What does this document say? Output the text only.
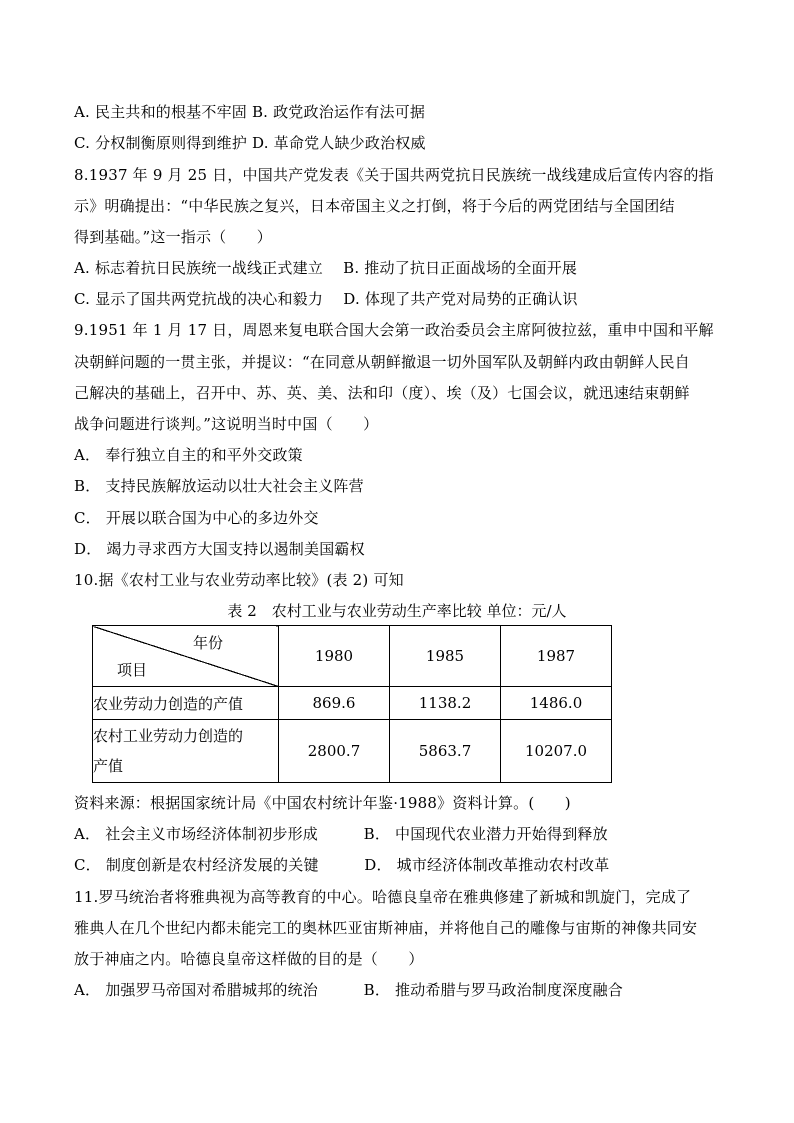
A. 民主共和的根基不牢固 B. 政党政治运作有法可据
C. 分权制衡原则得到维护 D. 革命党人缺少政治权威
8.1937 年 9 月 25 日，中国共产党发表《关于国共两党抗日民族统一战线建成后宣传内容的指
示》明确提出：“中华民族之复兴，日本帝国主义之打倒，将于今后的两党团结与全国团结
得到基础。”这一指示（　　）
A. 标志着抗日民族统一战线正式建立　 B. 推动了抗日正面战场的全面开展
C. 显示了国共两党抗战的决心和毅力　 D. 体现了共产党对局势的正确认识
9.1951 年 1 月 17 日，周恩来复电联合国大会第一政治委员会主席阿彼拉兹，重申中国和平解
决朝鲜问题的一贯主张，并提议：“在同意从朝鲜撤退一切外国军队及朝鲜内政由朝鲜人民自
己解决的基础上，召开中、苏、英、美、法和印（度）、埃（及）七国会议，就迅速结束朝鲜
战争问题进行谈判。”这说明当时中国（　　）
A． 奉行独立自主的和平外交政策
B． 支持民族解放运动以壮大社会主义阵营
C． 开展以联合国为中心的多边外交
D． 竭力寻求西方大国支持以遏制美国霸权
10.据《农村工业与农业劳动率比较》(表 2) 可知
表 2　农村工业与农业劳动生产率比较 单位：元/人
年份
项目	1980	1985	1987
农业劳动力创造的产值	869.6	1138.2	1486.0

农村工业劳动力创造的
产值	2800.7	5863.7	10207.0
资料来源：根据国家统计局《中国农村统计年鉴·1988》资料计算。(　　)
A． 社会主义市场经济体制初步形成　　　B． 中国现代农业潜力开始得到释放
C． 制度创新是农村经济发展的关键　　　D． 城市经济体制改革推动农村改革
11.罗马统治者将雅典视为高等教育的中心。哈德良皇帝在雅典修建了新城和凯旋门，完成了
雅典人在几个世纪内都未能完工的奥林匹亚宙斯神庙，并将他自己的雕像与宙斯的神像共同安
放于神庙之内。哈德良皇帝这样做的目的是（　　）
A． 加强罗马帝国对希腊城邦的统治　　　B． 推动希腊与罗马政治制度深度融合
